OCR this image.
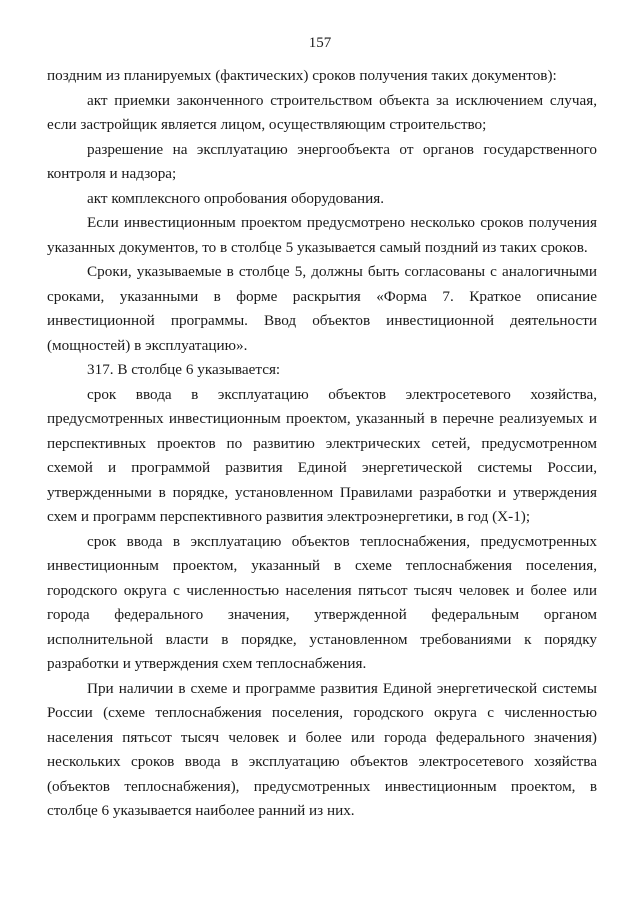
157

поздним из планируемых (фактических) сроков получения таких документов):

акт приемки законченного строительством объекта за исключением случая, если застройщик является лицом, осуществляющим строительство;

разрешение на эксплуатацию энергообъекта от органов государственного контроля и надзора;

акт комплексного опробования оборудования.

Если инвестиционным проектом предусмотрено несколько сроков получения указанных документов, то в столбце 5 указывается самый поздний из таких сроков.

Сроки, указываемые в столбце 5, должны быть согласованы с аналогичными сроками, указанными в форме раскрытия «Форма 7. Краткое описание инвестиционной программы. Ввод объектов инвестиционной деятельности (мощностей) в эксплуатацию».

317. В столбце 6 указывается:

срок ввода в эксплуатацию объектов электросетевого хозяйства, предусмотренных инвестиционным проектом, указанный в перечне реализуемых и перспективных проектов по развитию электрических сетей, предусмотренном схемой и программой развития Единой энергетической системы России, утвержденными в порядке, установленном Правилами разработки и утверждения схем и программ перспективного развития электроэнергетики, в год (X-1);

срок ввода в эксплуатацию объектов теплоснабжения, предусмотренных инвестиционным проектом, указанный в схеме теплоснабжения поселения, городского округа с численностью населения пятьсот тысяч человек и более или города федерального значения, утвержденной федеральным органом исполнительной власти в порядке, установленном требованиями к порядку разработки и утверждения схем теплоснабжения.

При наличии в схеме и программе развития Единой энергетической системы России (схеме теплоснабжения поселения, городского округа с численностью населения пятьсот тысяч человек и более или города федерального значения) нескольких сроков ввода в эксплуатацию объектов электросетевого хозяйства (объектов теплоснабжения), предусмотренных инвестиционным проектом, в столбце 6 указывается наиболее ранний из них.
